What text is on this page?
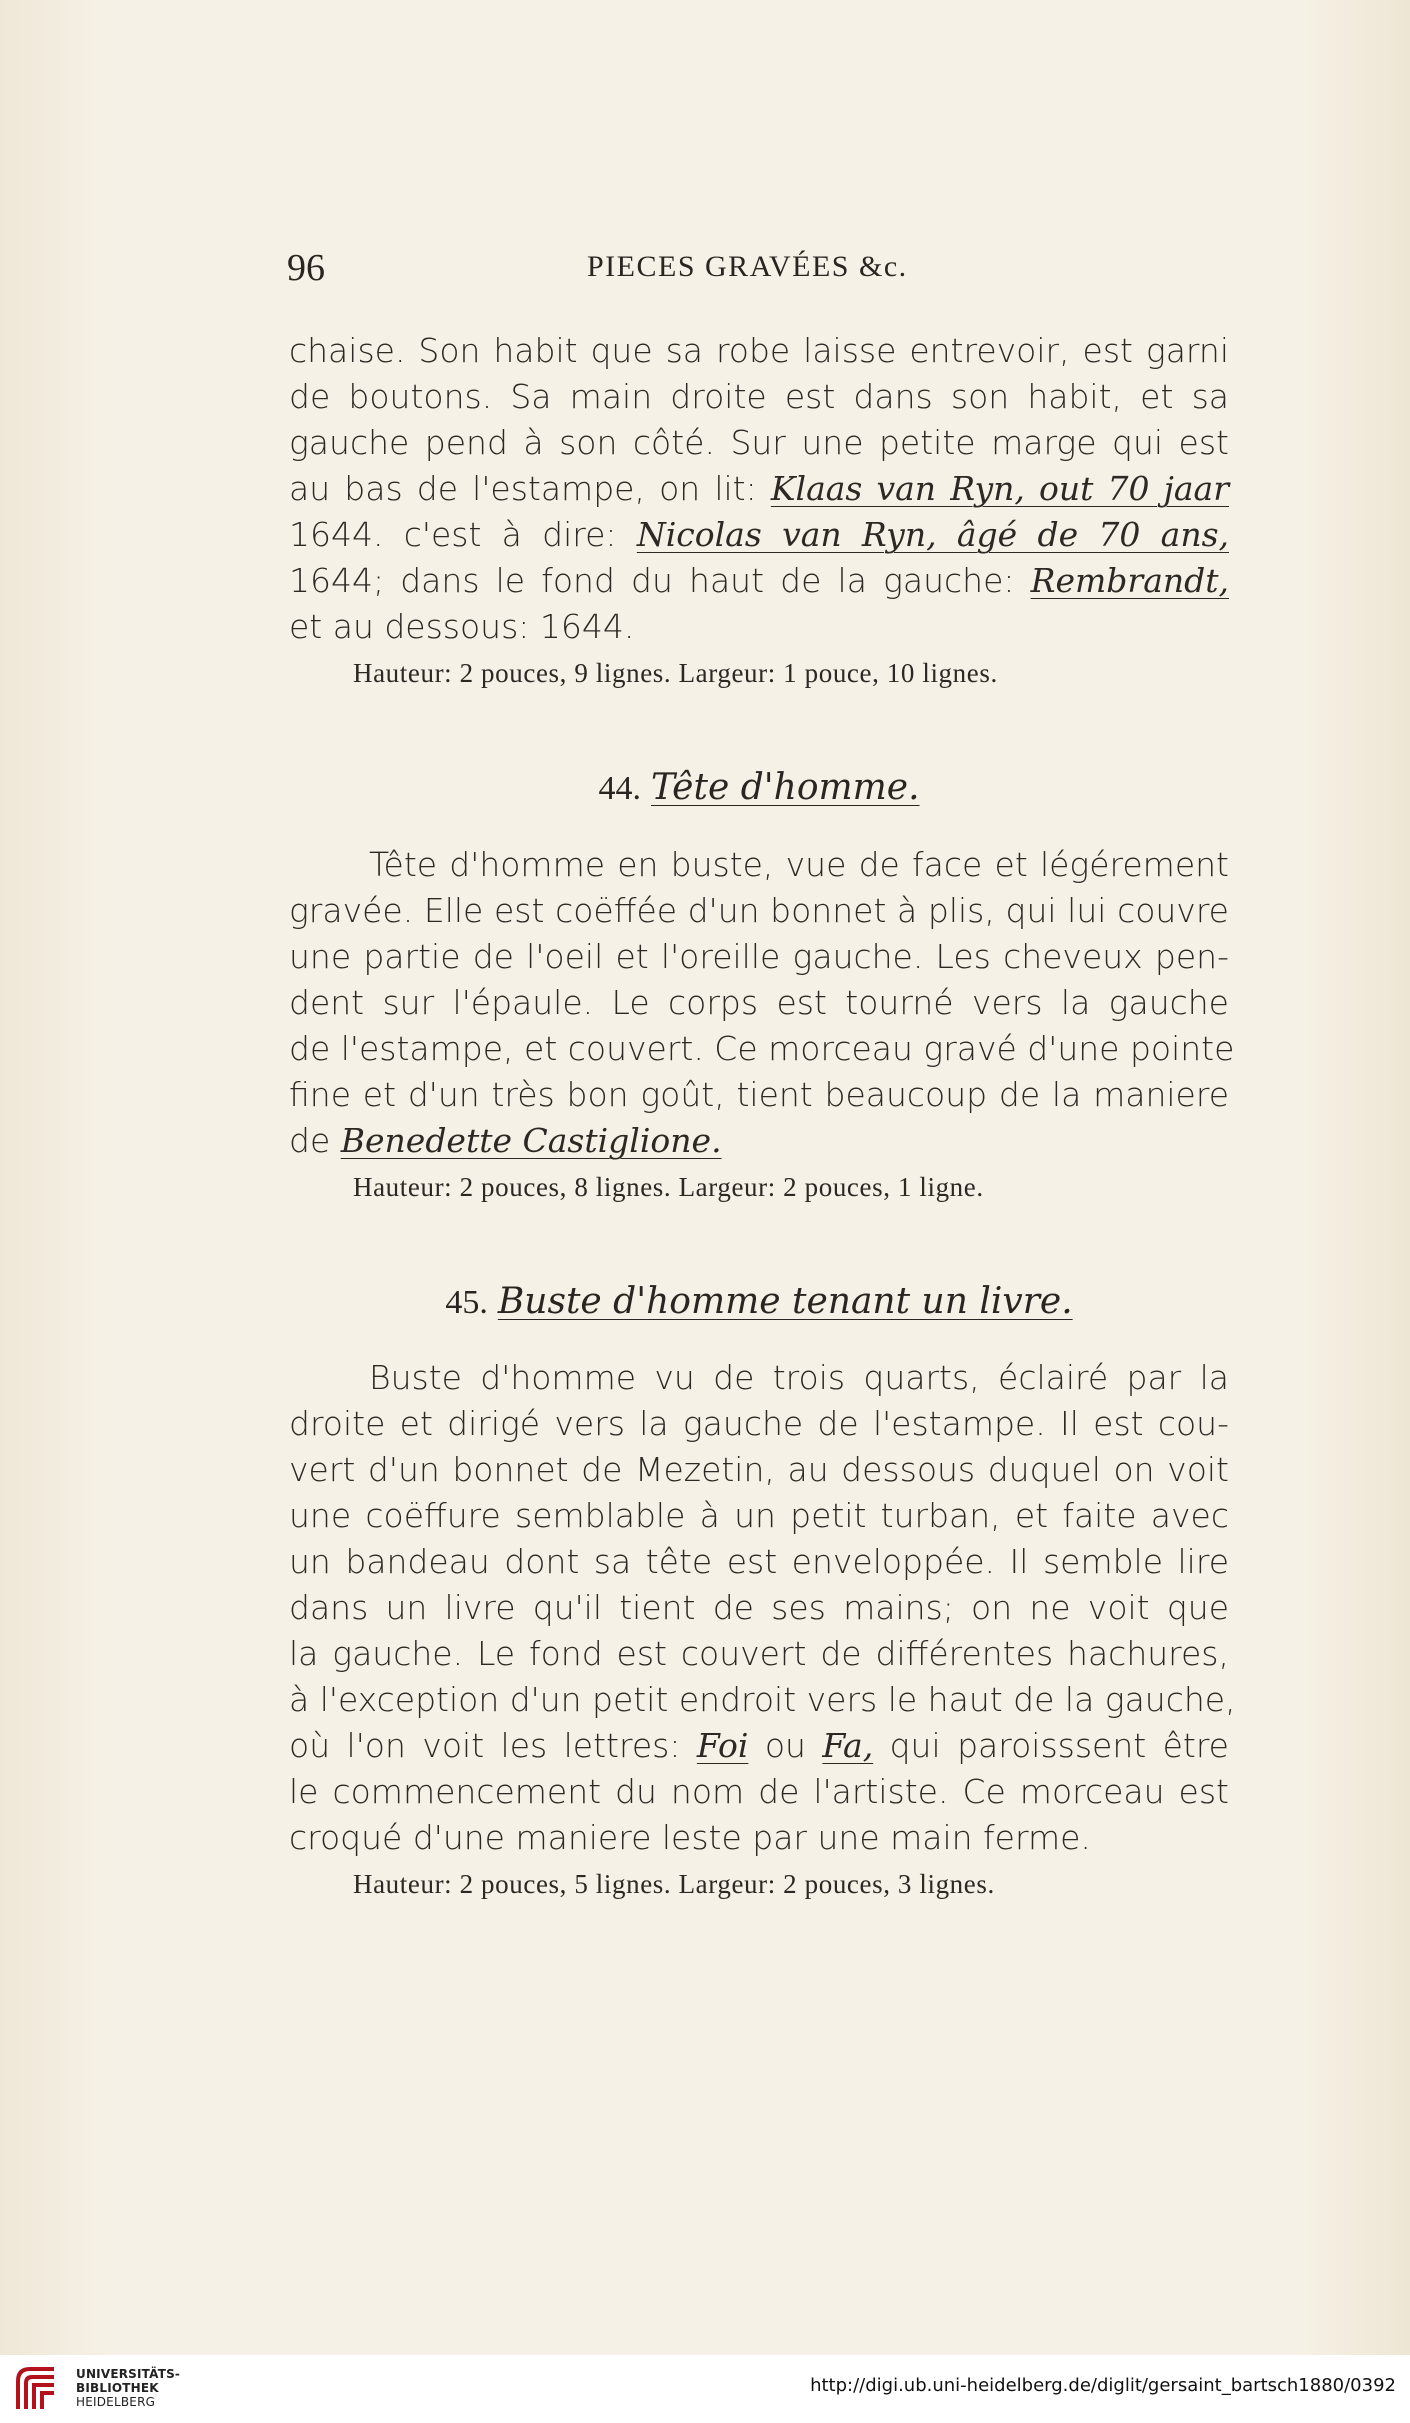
96	PIECES GRAVÉES &c.
chaise. Son habit que sa robe laisse entrevoir, est garni
de boutons. Sa main droite est dans son habit, et sa
gauche pend à son côté. Sur une petite marge qui est
au bas de l'estampe, on lit: Klaas van Ryn, out 70 jaar
1644. c'est à dire: Nicolas van Ryn, âgé de 70 ans,
1644; dans le fond du haut de la gauche: Rembrandt,
et au dessous: 1644.
Hauteur: 2 pouces, 9 lignes. Largeur: 1 pouce, 10 lignes.
44. Tête d'homme.
Tête d'homme en buste, vue de face et légérement
gravée. Elle est coëffée d'un bonnet à plis, qui lui couvre
une partie de l'oeil et l'oreille gauche. Les cheveux pen-
dent sur l'épaule. Le corps est tourné vers la gauche
de l'estampe, et couvert. Ce morceau gravé d'une pointe
fine et d'un très bon goût, tient beaucoup de la maniere
de Benedette Castiglione.
Hauteur: 2 pouces, 8 lignes. Largeur: 2 pouces, 1 ligne.
45. Buste d'homme tenant un livre.
Buste d'homme vu de trois quarts, éclairé par la
droite et dirigé vers la gauche de l'estampe. Il est cou-
vert d'un bonnet de Mezetin, au dessous duquel on voit
une coëffure semblable à un petit turban, et faite avec
un bandeau dont sa tête est enveloppée. Il semble lire
dans un livre qu'il tient de ses mains; on ne voit que
la gauche. Le fond est couvert de différentes hachures,
à l'exception d'un petit endroit vers le haut de la gauche,
où l'on voit les lettres: Foi ou Fa, qui paroisssent être
le commencement du nom de l'artiste. Ce morceau est
croqué d'une maniere leste par une main ferme.
Hauteur: 2 pouces, 5 lignes. Largeur: 2 pouces, 3 lignes.
UNIVERSITÄTS-
BIBLIOTHEK
HEIDELBERG
http://digi.ub.uni-heidelberg.de/diglit/gersaint_bartsch1880/0392
